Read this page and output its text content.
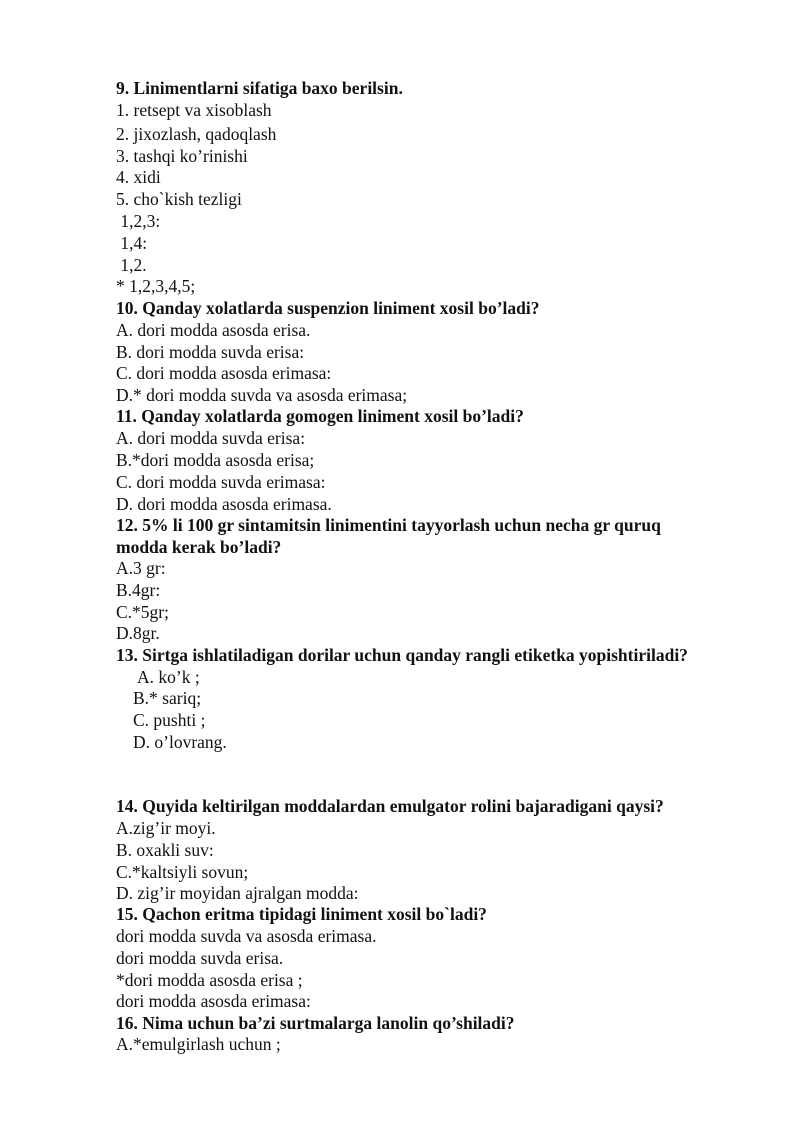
9. Linimentlarni sifatiga baxo berilsin.
1. retsept va xisoblash
2. jixozlash, qadoqlash
3. tashqi ko’rinishi
4. xidi
5. cho`kish tezligi
1,2,3:
1,4:
1,2.
* 1,2,3,4,5;
10. Qanday xolatlarda suspenzion liniment xosil bo’ladi?
A. dori modda asosda erisa.
B. dori modda suvda erisa:
C. dori modda asosda erimasa:
D.* dori modda suvda va asosda erimasa;
11. Qanday xolatlarda gomogen liniment xosil bo’ladi?
A. dori modda suvda erisa:
B.*dori modda asosda erisa;
C. dori modda suvda erimasa:
D. dori modda asosda erimasa.
12. 5% li 100 gr sintamitsin linimentini tayyorlash uchun necha gr quruq
modda kerak bo’ladi?
A.3 gr:
B.4gr:
C.*5gr;
D.8gr.
13. Sirtga ishlatiladigan dorilar uchun qanday rangli etiketka yopishtiriladi?
A. ko’k ;
B.* sariq;
C. pushti ;
D. o’lovrang.
14. Quyida keltirilgan moddalardan emulgator rolini bajaradigani qaysi?
A.zig’ir moyi.
B. oxakli suv:
C.*kaltsiyli sovun;
D. zig’ir moyidan ajralgan modda:
15. Qachon eritma tipidagi liniment xosil bo`ladi?
dori modda suvda va asosda erimasa.
dori modda suvda erisa.
*dori modda asosda erisa ;
dori modda asosda erimasa:
16. Nima uchun ba’zi surtmalarga lanolin qo’shiladi?
A.*emulgirlash uchun ;
